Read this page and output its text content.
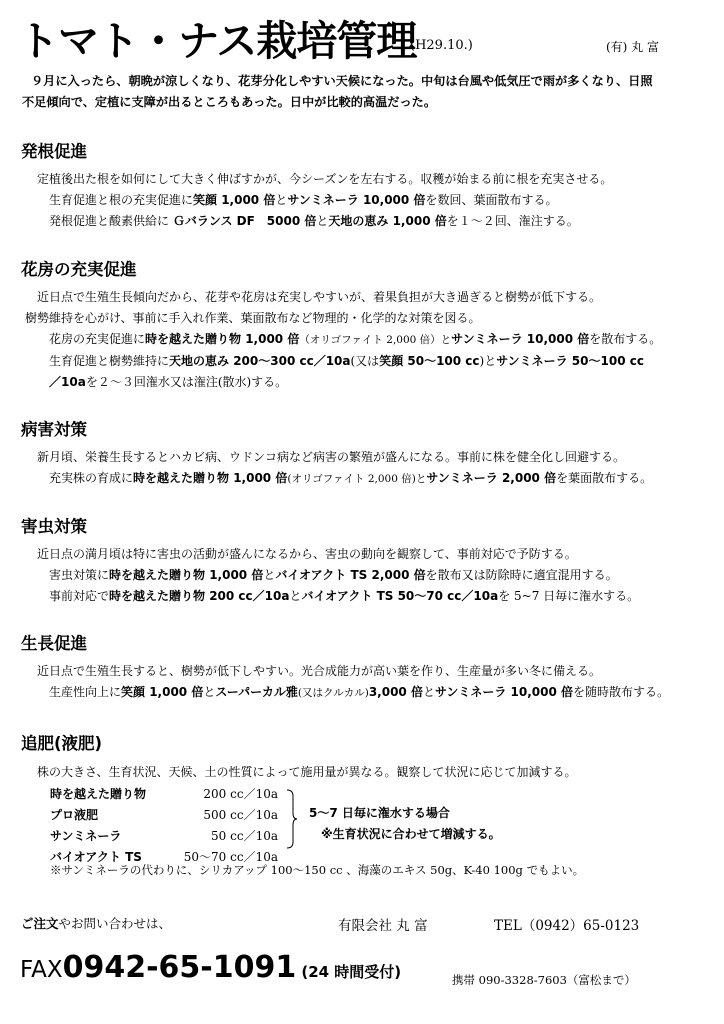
トマト・ナス栽培管理
(H29.10.)	(有) 丸 富

９月に入ったら、朝晩が涼しくなり、花芽分化しやすい天候になった。中旬は台風や低気圧で雨が多くなり、日照

不足傾向で、定植に支障が出るところもあった。日中が比較的高温だった。

発根促進

定植後出た根を如何にして大きく伸ばすかが、今シーズンを左右する。収穫が始まる前に根を充実させる。

生育促進と根の充実促進に笑顔 1,000 倍とサンミネーラ 10,000 倍を数回、葉面散布する。

発根促進と酸素供給に Ｇバランス DF　5000 倍と天地の恵み 1,000 倍を１～２回、潅注する。

花房の充実促進

近日点で生殖生長傾向だから、花芽や花房は充実しやすいが、着果負担が大き過ぎると樹勢が低下する。

樹勢維持を心がけ、事前に手入れ作業、葉面散布など物理的・化学的な対策を図る。

花房の充実促進に時を越えた贈り物 1,000 倍（オリゴファイト 2,000 倍）とサンミネーラ 10,000 倍を散布する。

生育促進と樹勢維持に天地の恵み 200～300 cc／10a(又は笑顔 50～100 cc)とサンミネーラ 50～100 cc

／10aを２～３回潅水又は潅注(散水)する。

病害対策

新月頃、栄養生長するとハカビ病、ウドンコ病など病害の繁殖が盛んになる。事前に株を健全化し回避する。

充実株の育成に時を越えた贈り物 1,000 倍(オリゴファイト 2,000 倍)とサンミネーラ 2,000 倍を葉面散布する。

害虫対策

近日点の満月頃は特に害虫の活動が盛んになるから、害虫の動向を観察して、事前対応で予防する。

害虫対策に時を越えた贈り物 1,000 倍とバイオアクト TS 2,000 倍を散布又は防除時に適宜混用する。

事前対応で時を越えた贈り物 200 cc／10aとバイオアクト TS 50～70 cc／10aを 5~7 日毎に潅水する。

生長促進

近日点で生殖生長すると、樹勢が低下しやすい。光合成能力が高い葉を作り、生産量が多い冬に備える。

生産性向上に笑顔 1,000 倍とスーパーカル雅(又はクルカル)3,000 倍とサンミネーラ 10,000 倍を随時散布する。

追肥(液肥)

株の大きさ、生育状況、天候、土の性質によって施用量が異なる。観察して状況に応じて加減する。

時を越えた贈り物	200 cc／10a
プロ液肥	500 cc／10a
サンミネーラ	50 cc／10a
バイオアクト TS	50～70 cc／10a

5～7 日毎に潅水する場合

※生育状況に合わせて増減する。

※サンミネーラの代わりに、シリカアップ 100～150 cc 、海藻のエキス 50g、K-40 100g でもよい。
ご注文やお問い合わせは、	有限会社 丸 富	TEL（0942）65-0123
FAX0942-65-1091 (24 時間受付)	携帯 090-3328-7603（富松まで）
